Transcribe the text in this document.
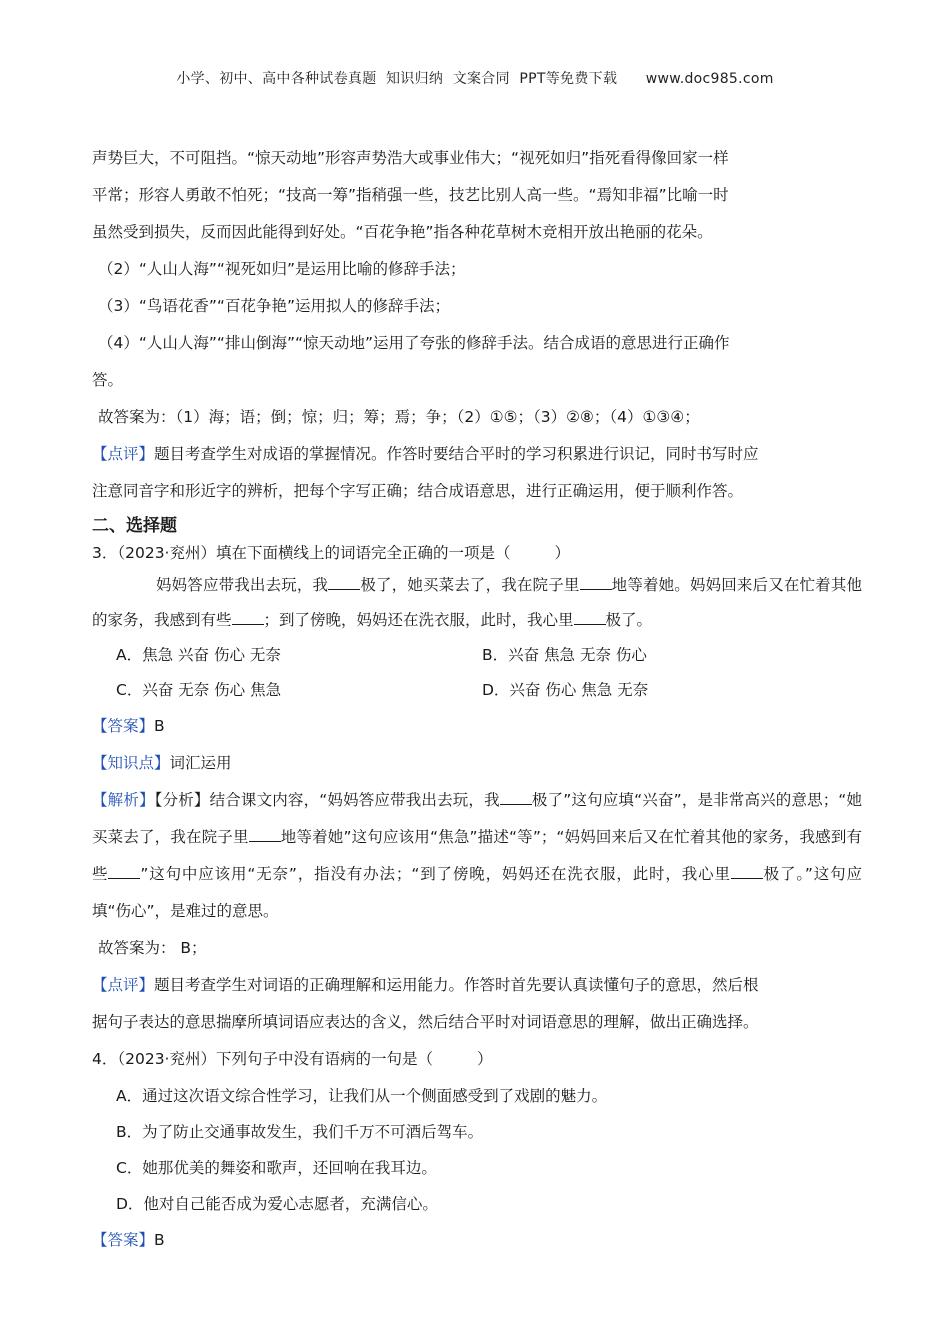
小学、初中、高中各种试卷真题  知识归纳  文案合同  PPT等免费下载      www.doc985.com

声势巨大，不可阻挡。“惊天动地”形容声势浩大或事业伟大；“视死如归”指死看得像回家一样

平常；形容人勇敢不怕死；“技高一筹”指稍强一些，技艺比别人高一些。“焉知非福”比喻一时

虽然受到损失，反而因此能得到好处。“百花争艳”指各种花草树木竞相开放出艳丽的花朵。

（2）“人山人海”“视死如归”是运用比喻的修辞手法；

（3）“鸟语花香”“百花争艳”运用拟人的修辞手法；

（4）“人山人海”“排山倒海”“惊天动地”运用了夸张的修辞手法。结合成语的意思进行正确作

答。

故答案为：（1）海；语；倒；惊；归；筹；焉；争；（2）①⑤；（3）②⑧；（4）①③④；

【点评】题目考查学生对成语的掌握情况。作答时要结合平时的学习积累进行识记，同时书写时应

注意同音字和形近字的辨析，把每个字写正确；结合成语意思，进行正确运用，便于顺利作答。

二、选择题

3．（2023·兖州）填在下面横线上的词语完全正确的一项是（	）

妈妈答应带我出去玩，我 极了，她买菜去了，我在院子里 地等着她。妈妈回来后又在忙着其他的家务，我感到有些 ；到了傍晚，妈妈还在洗衣服，此时，我心里 极了。

A．焦急 兴奋 伤心 无奈	B．兴奋 焦急 无奈 伤心
C．兴奋 无奈 伤心 焦急	D．兴奋 伤心 焦急 无奈

【答案】B

【知识点】词汇运用

【解析】【分析】结合课文内容，“妈妈答应带我出去玩，我 极了”这句应填“兴奋”，是非常高兴的意思；“她买菜去了，我在院子里 地等着她”这句应该用“焦急”描述“等”；“妈妈回来后又在忙着其他的家务，我感到有些 ”这句中应该用“无奈”，指没有办法；“到了傍晚，妈妈还在洗衣服，此时，我心里 极了。”这句应填“伤心”，是难过的意思。

故答案为： B；

【点评】题目考查学生对词语的正确理解和运用能力。作答时首先要认真读懂句子的意思，然后根

据句子表达的意思揣摩所填词语应表达的含义，然后结合平时对词语意思的理解，做出正确选择。

4．（2023·兖州）下列句子中没有语病的一句是（	）

A．通过这次语文综合性学习，让我们从一个侧面感受到了戏剧的魅力。
B．为了防止交通事故发生，我们千万不可酒后驾车。
C．她那优美的舞姿和歌声，还回响在我耳边。
D．他对自己能否成为爱心志愿者，充满信心。

【答案】B
